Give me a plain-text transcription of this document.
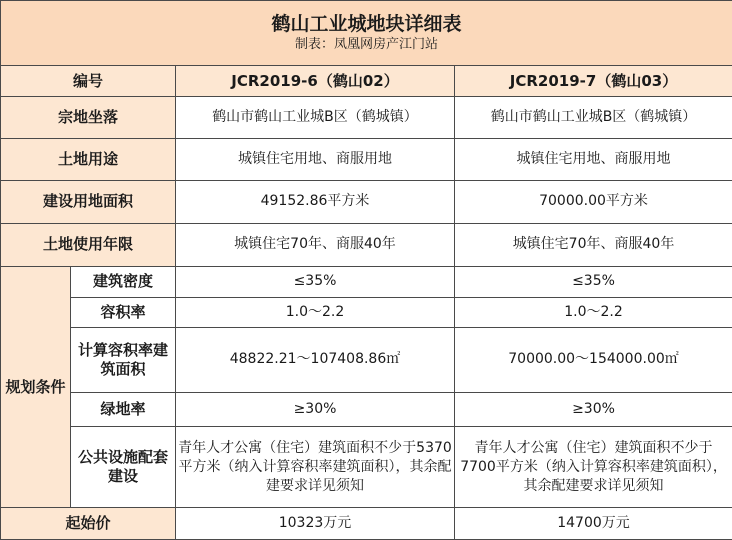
鹤山工业城地块详细表
制表：凤凰网房产江门站			

编号		JCR2019-6（鹤山02）	JCR2019-7（鹤山03）
宗地坐落		鹤山市鹤山工业城B区（鹤城镇）	鹤山市鹤山工业城B区（鹤城镇）
土地用途		城镇住宅用地、商服用地	城镇住宅用地、商服用地
建设用地面积		49152.86平方米	70000.00平方米
土地使用年限		城镇住宅70年、商服40年	城镇住宅70年、商服40年
规划条件	建筑密度	≤35%	≤35%
	容积率	1.0～2.2	1.0～2.2
	计算容积率建筑面积	48822.21～107408.86㎡	70000.00～154000.00㎡
	绿地率	≥30%	≥30%
	公共设施配套建设	青年人才公寓（住宅）建筑面积不少于5370平方米（纳入计算容积率建筑面积），其余配建要求详见须知	青年人才公寓（住宅）建筑面积不少于7700平方米（纳入计算容积率建筑面积），其余配建要求详见须知
起始价		10323万元	14700万元
